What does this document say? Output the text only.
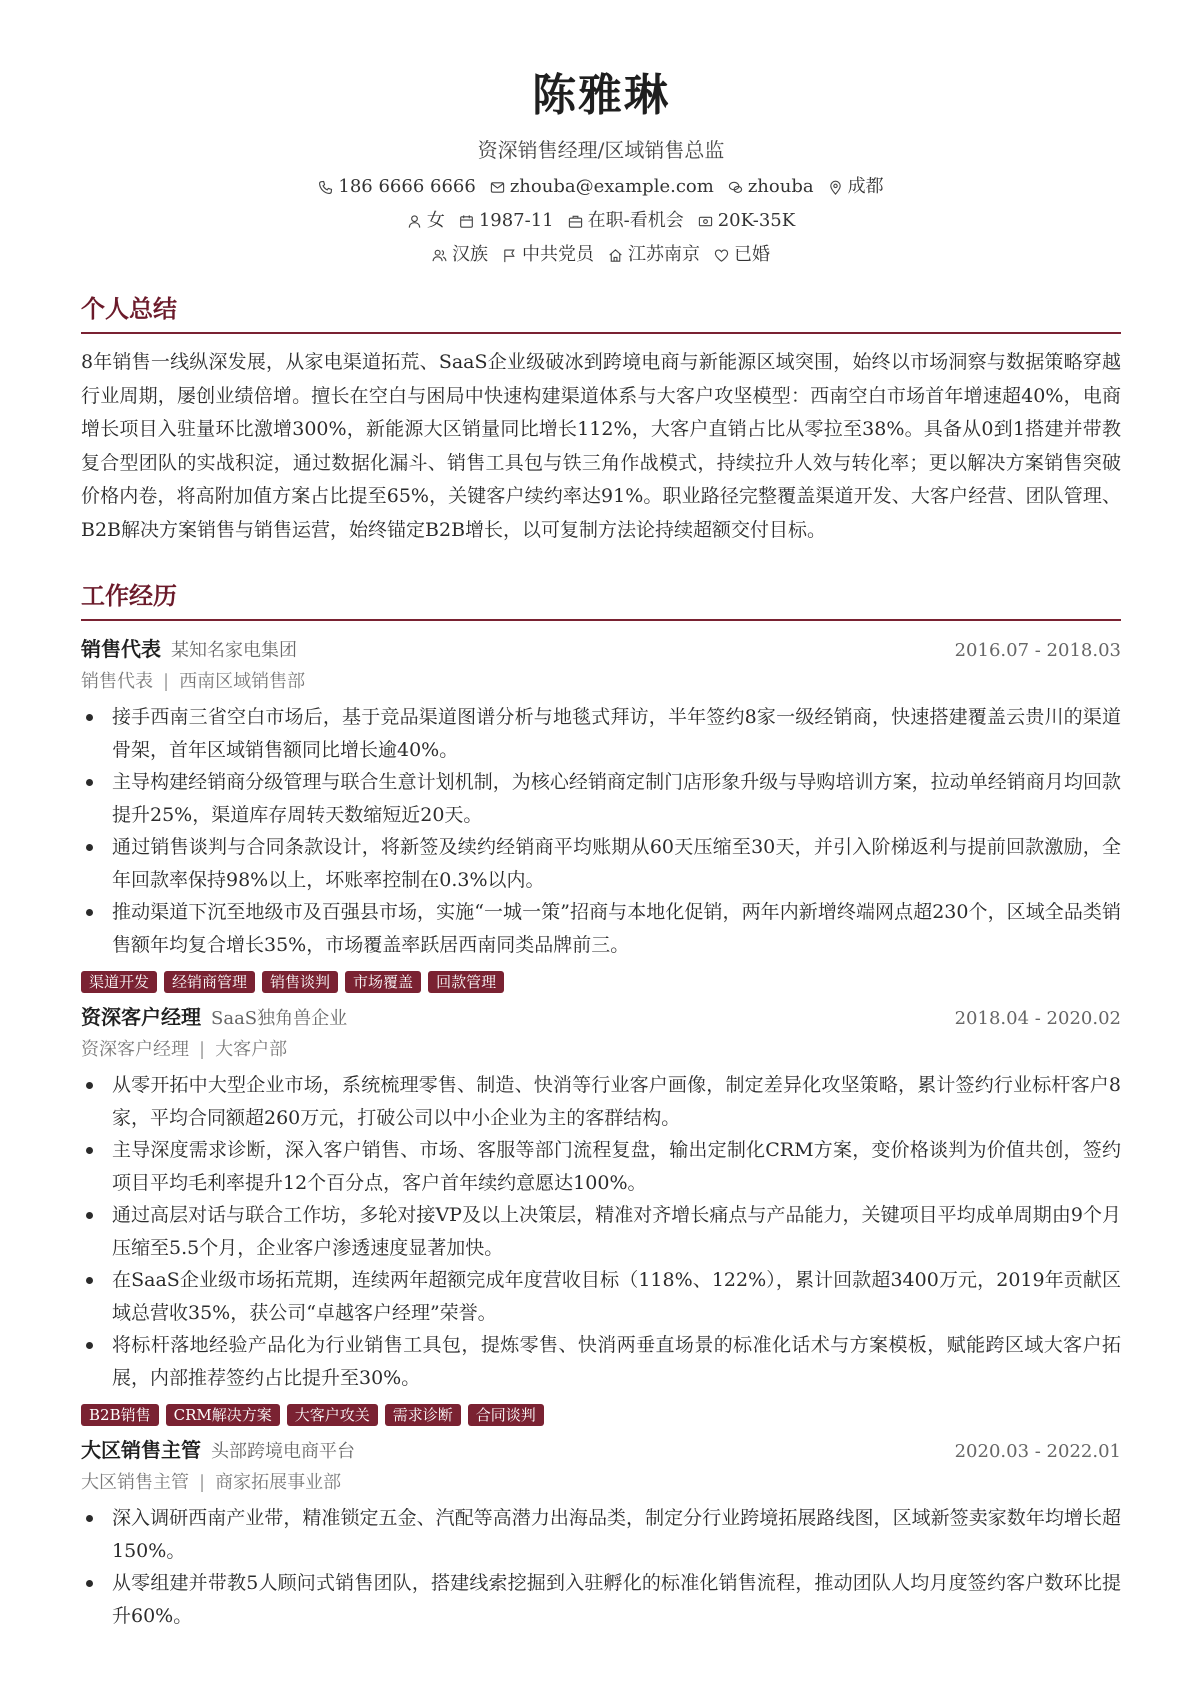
陈雅琳
资深销售经理/区域销售总监
186 6666 6666 zhouba@example.com zhouba 成都
女 1987-11 在职-看机会 20K-35K
汉族 中共党员 江苏南京 已婚
个人总结

8年销售一线纵深发展，从家电渠道拓荒、SaaS企业级破冰到跨境电商与新能源区域突围，始终以市场洞察与数据策略穿越行业周期，屡创业绩倍增。擅长在空白与困局中快速构建渠道体系与大客户攻坚模型：西南空白市场首年增速超40%，电商增长项目入驻量环比激增300%，新能源大区销量同比增长112%，大客户直销占比从零拉至38%。具备从0到1搭建并带教复合型团队的实战积淀，通过数据化漏斗、销售工具包与铁三角作战模式，持续拉升人效与转化率；更以解决方案销售突破价格内卷，将高附加值方案占比提至65%，关键客户续约率达91%。职业路径完整覆盖渠道开发、大客户经营、团队管理、B2B解决方案销售与销售运营，始终锚定B2B增长，以可复制方法论持续超额交付目标。

工作经历
销售代表 某知名家电集团	2016.07 - 2018.03
销售代表 | 西南区域销售部
接手西南三省空白市场后，基于竞品渠道图谱分析与地毯式拜访，半年签约8家一级经销商，快速搭建覆盖云贵川的渠道骨架，首年区域销售额同比增长逾40%。
主导构建经销商分级管理与联合生意计划机制，为核心经销商定制门店形象升级与导购培训方案，拉动单经销商月均回款提升25%，渠道库存周转天数缩短近20天。
通过销售谈判与合同条款设计，将新签及续约经销商平均账期从60天压缩至30天，并引入阶梯返利与提前回款激励，全年回款率保持98%以上，坏账率控制在0.3%以内。
推动渠道下沉至地级市及百强县市场，实施“一城一策”招商与本地化促销，两年内新增终端网点超230个，区域全品类销售额年均复合增长35%，市场覆盖率跃居西南同类品牌前三。
渠道开发	经销商管理	销售谈判	市场覆盖	回款管理
资深客户经理 SaaS独角兽企业	2018.04 - 2020.02
资深客户经理 | 大客户部
从零开拓中大型企业市场，系统梳理零售、制造、快消等行业客户画像，制定差异化攻坚策略，累计签约行业标杆客户8家，平均合同额超260万元，打破公司以中小企业为主的客群结构。
主导深度需求诊断，深入客户销售、市场、客服等部门流程复盘，输出定制化CRM方案，变价格谈判为价值共创，签约项目平均毛利率提升12个百分点，客户首年续约意愿达100%。
通过高层对话与联合工作坊，多轮对接VP及以上决策层，精准对齐增长痛点与产品能力，关键项目平均成单周期由9个月压缩至5.5个月，企业客户渗透速度显著加快。
在SaaS企业级市场拓荒期，连续两年超额完成年度营收目标（118%、122%），累计回款超3400万元，2019年贡献区域总营收35%，获公司“卓越客户经理”荣誉。
将标杆落地经验产品化为行业销售工具包，提炼零售、快消两垂直场景的标准化话术与方案模板，赋能跨区域大客户拓展，内部推荐签约占比提升至30%。
B2B销售	CRM解决方案	大客户攻关	需求诊断	合同谈判
大区销售主管 头部跨境电商平台	2020.03 - 2022.01
大区销售主管 | 商家拓展事业部
深入调研西南产业带，精准锁定五金、汽配等高潜力出海品类，制定分行业跨境拓展路线图，区域新签卖家数年均增长超150%。
从零组建并带教5人顾问式销售团队，搭建线索挖掘到入驻孵化的标准化销售流程，推动团队人均月度签约客户数环比提升60%。
